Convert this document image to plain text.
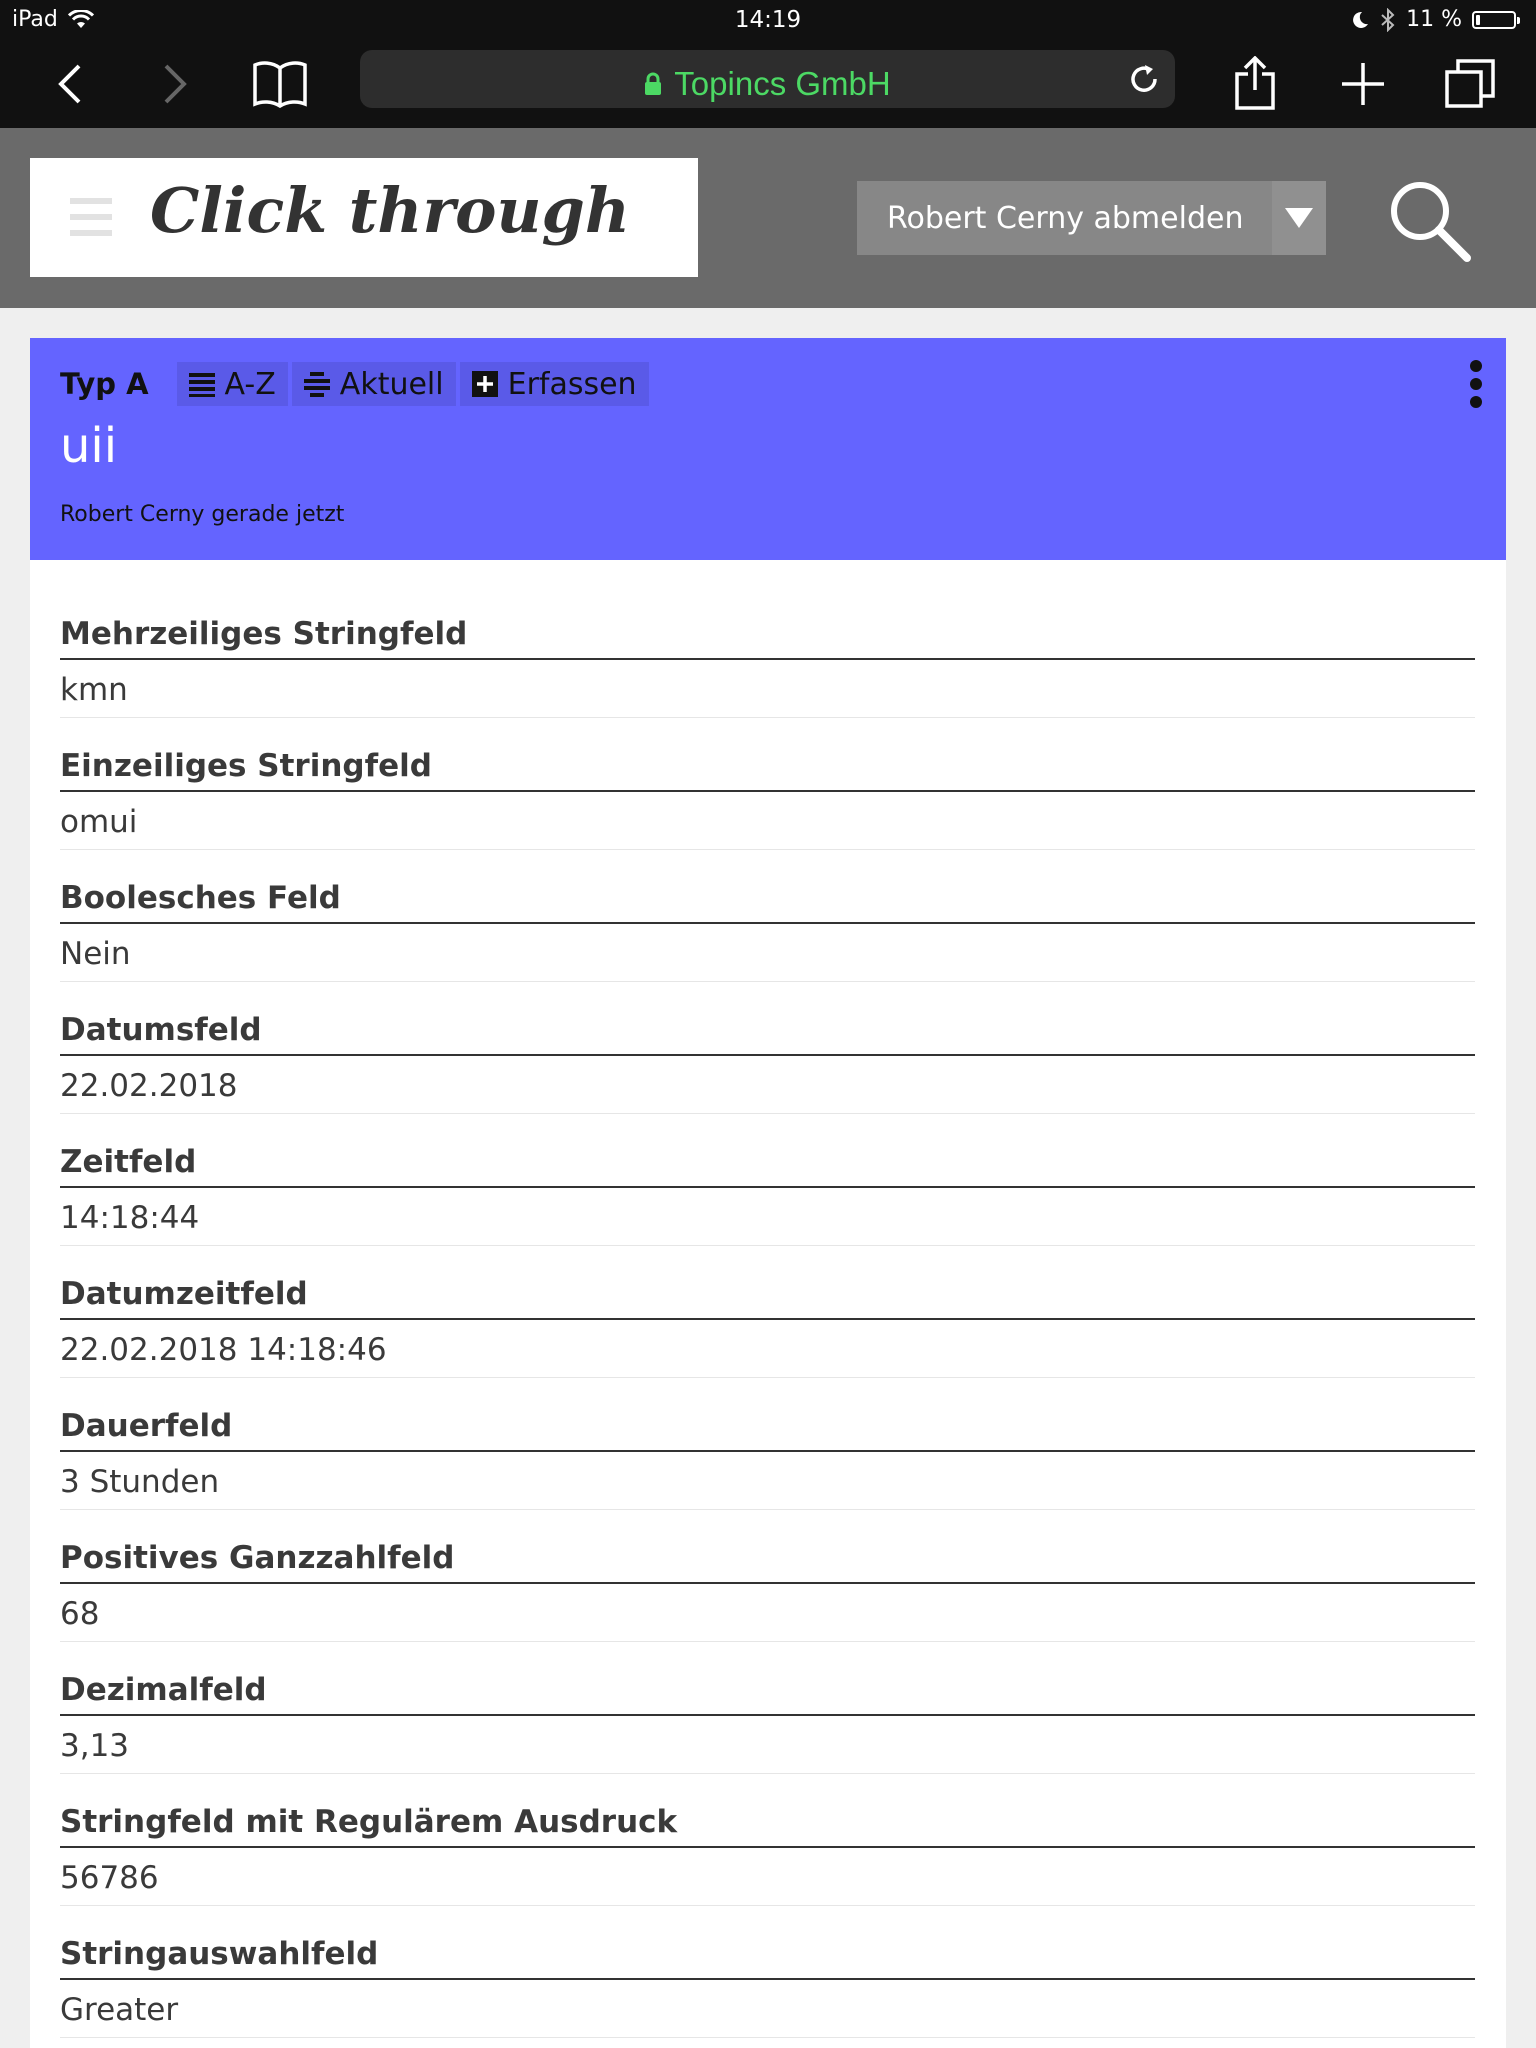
iPad	14:19	11 %
Topincs GmbH
Click through	Robert Cerny abmelden
Typ A	A-Z Aktuell Erfassen
uii
Robert Cerny gerade jetzt
Mehrzeiliges Stringfeld
kmn
Einzeiliges Stringfeld
omui
Boolesches Feld
Nein
Datumsfeld
22.02.2018
Zeitfeld
14:18:44
Datumzeitfeld
22.02.2018 14:18:46
Dauerfeld
3 Stunden
Positives Ganzzahlfeld
68
Dezimalfeld
3,13
Stringfeld mit Regulärem Ausdruck
56786
Stringauswahlfeld
Greater
